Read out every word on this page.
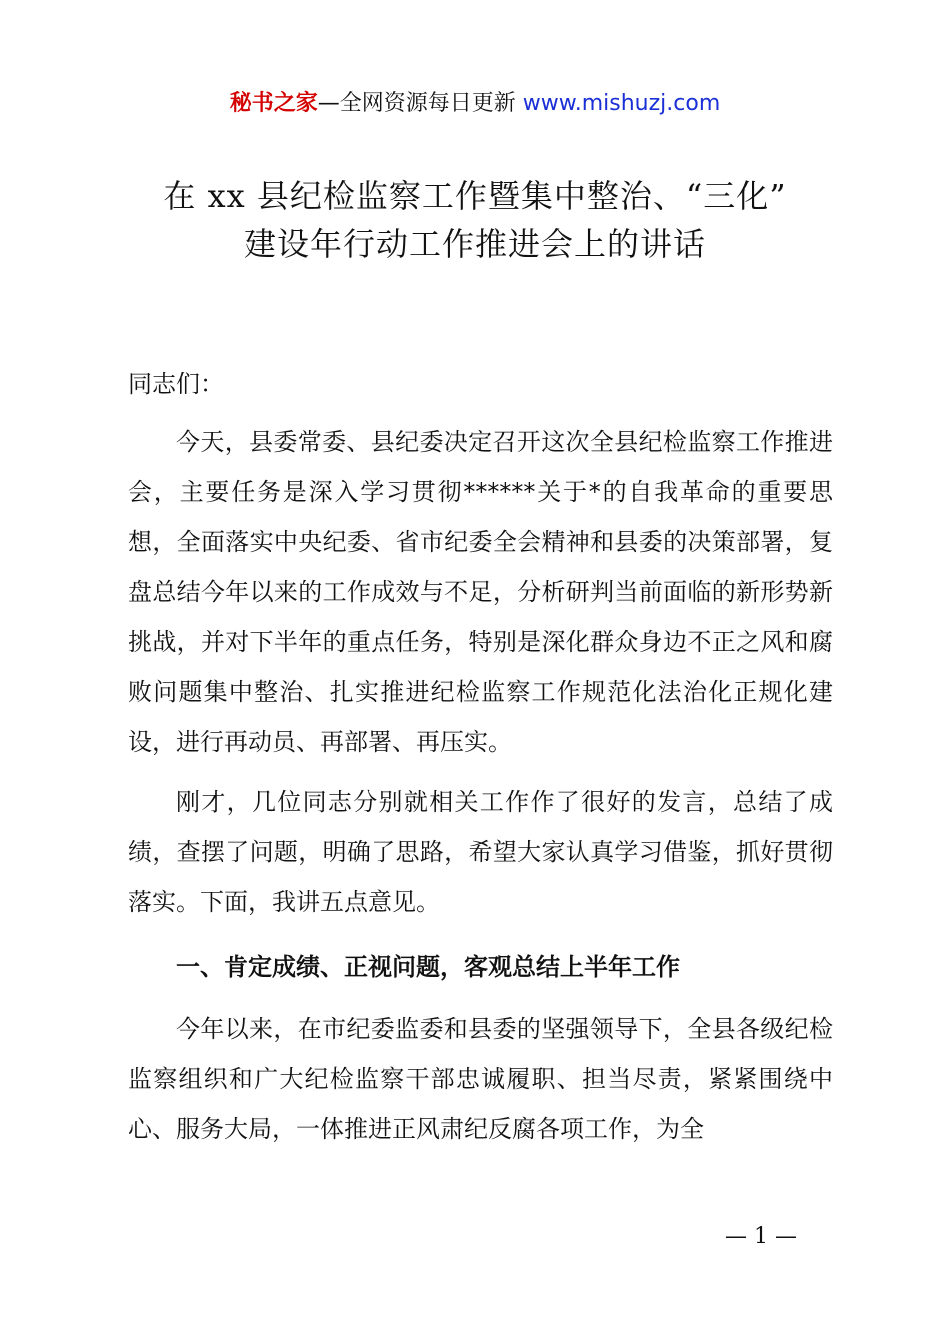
秘书之家—全网资源每日更新 www.mishuzj.com
在 xx 县纪检监察工作暨集中整治、“三化”
建设年行动工作推进会上的讲话

同志们：

今天，县委常委、县纪委决定召开这次全县纪检监察工作推进会，主要任务是深入学习贯彻******关于*的自我革命的重要思想，全面落实中央纪委、省市纪委全会精神和县委的决策部署，复盘总结今年以来的工作成效与不足，分析研判当前面临的新形势新挑战，并对下半年的重点任务，特别是深化群众身边不正之风和腐败问题集中整治、扎实推进纪检监察工作规范化法治化正规化建设，进行再动员、再部署、再压实。

刚才，几位同志分别就相关工作作了很好的发言，总结了成绩，查摆了问题，明确了思路，希望大家认真学习借鉴，抓好贯彻落实。下面，我讲五点意见。

一、肯定成绩、正视问题，客观总结上半年工作

今年以来，在市纪委监委和县委的坚强领导下，全县各级纪检监察组织和广大纪检监察干部忠诚履职、担当尽责，紧紧围绕中心、服务大局，一体推进正风肃纪反腐各项工作，为全

— 1 —
